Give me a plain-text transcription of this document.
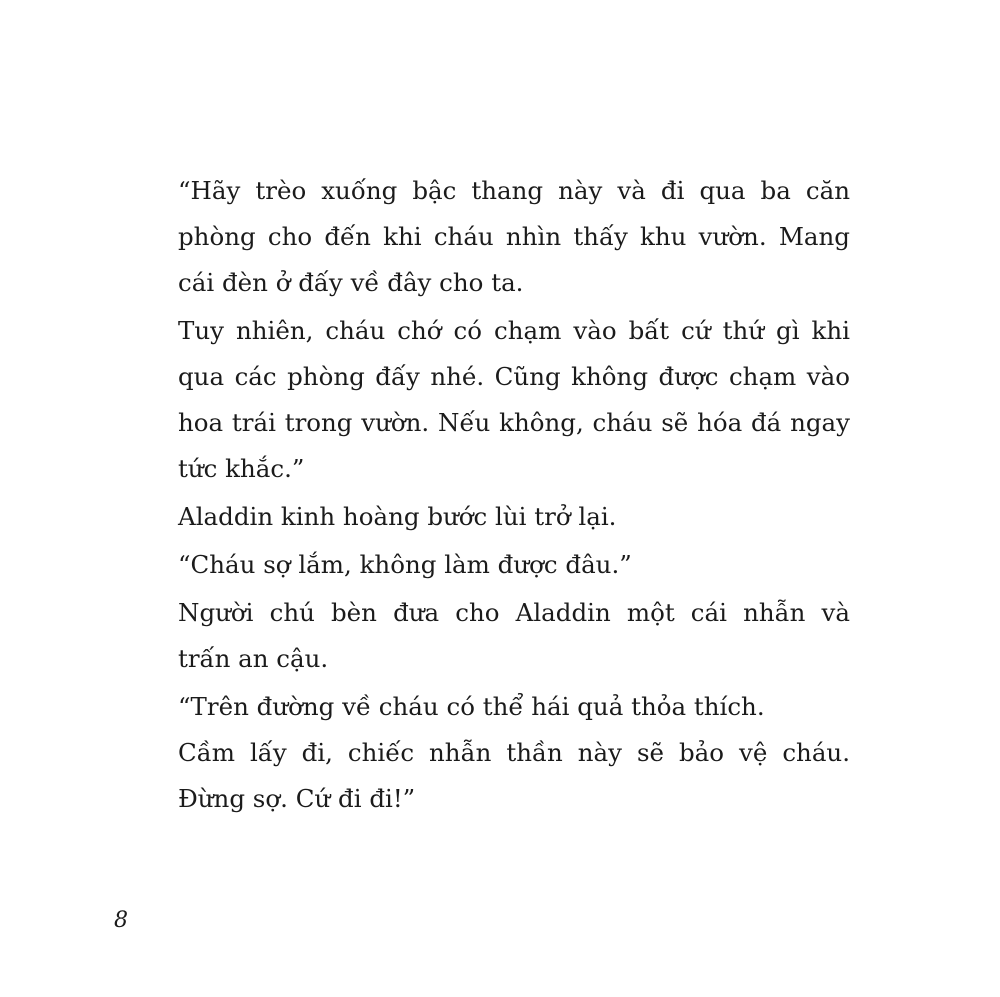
“Hãy trèo xuống bậc thang này và đi qua ba căn
phòng cho đến khi cháu nhìn thấy khu vườn. Mang
cái đèn ở đấy về đây cho ta.
Tuy nhiên, cháu chớ có chạm vào bất cứ thứ gì khi
qua các phòng đấy nhé. Cũng không được chạm vào
hoa trái trong vườn. Nếu không, cháu sẽ hóa đá ngay
tức khắc.”
Aladdin kinh hoàng bước lùi trở lại.
“Cháu sợ lắm, không làm được đâu.”
Người chú bèn đưa cho Aladdin một cái nhẫn và
trấn an cậu.
“Trên đường về cháu có thể hái quả thỏa thích.
Cầm lấy đi, chiếc nhẫn thần này sẽ bảo vệ cháu.
Đừng sợ. Cứ đi đi!”
8
